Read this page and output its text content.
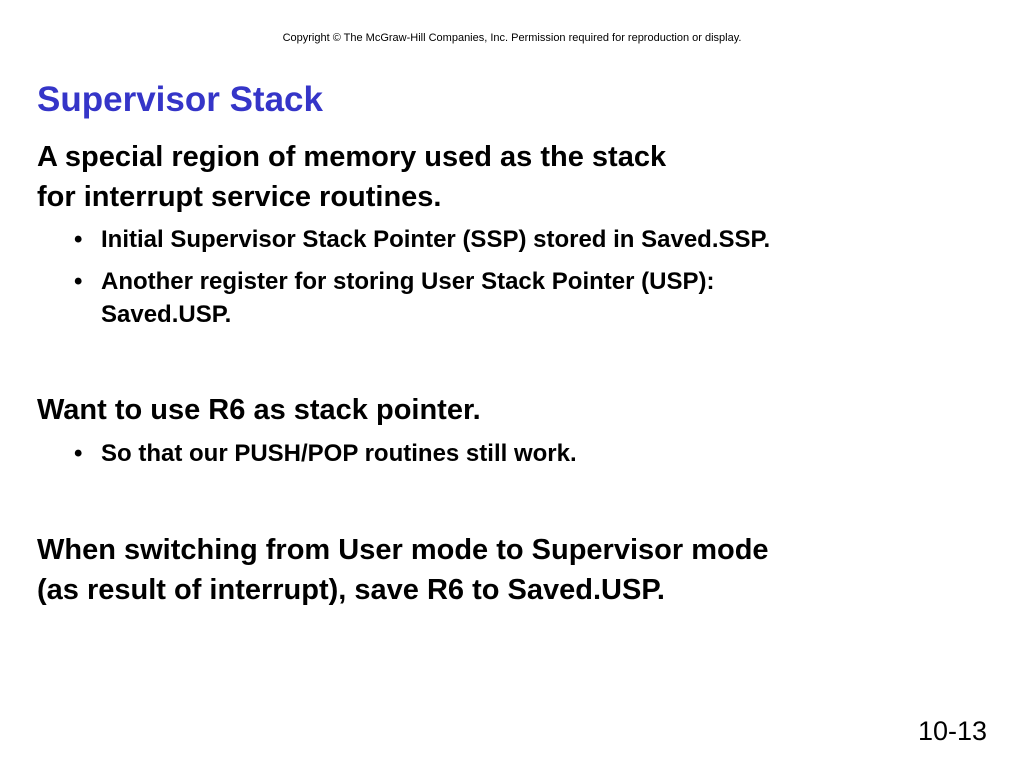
Copyright © The McGraw-Hill Companies, Inc. Permission required for reproduction or display.
Supervisor Stack

A special region of memory used as the stack
for interrupt service routines.

• Initial Supervisor Stack Pointer (SSP) stored in Saved.SSP.
• Another register for storing User Stack Pointer (USP):
Saved.USP.

Want to use R6 as stack pointer.

• So that our PUSH/POP routines still work.

When switching from User mode to Supervisor mode
(as result of interrupt), save R6 to Saved.USP.

10-13
